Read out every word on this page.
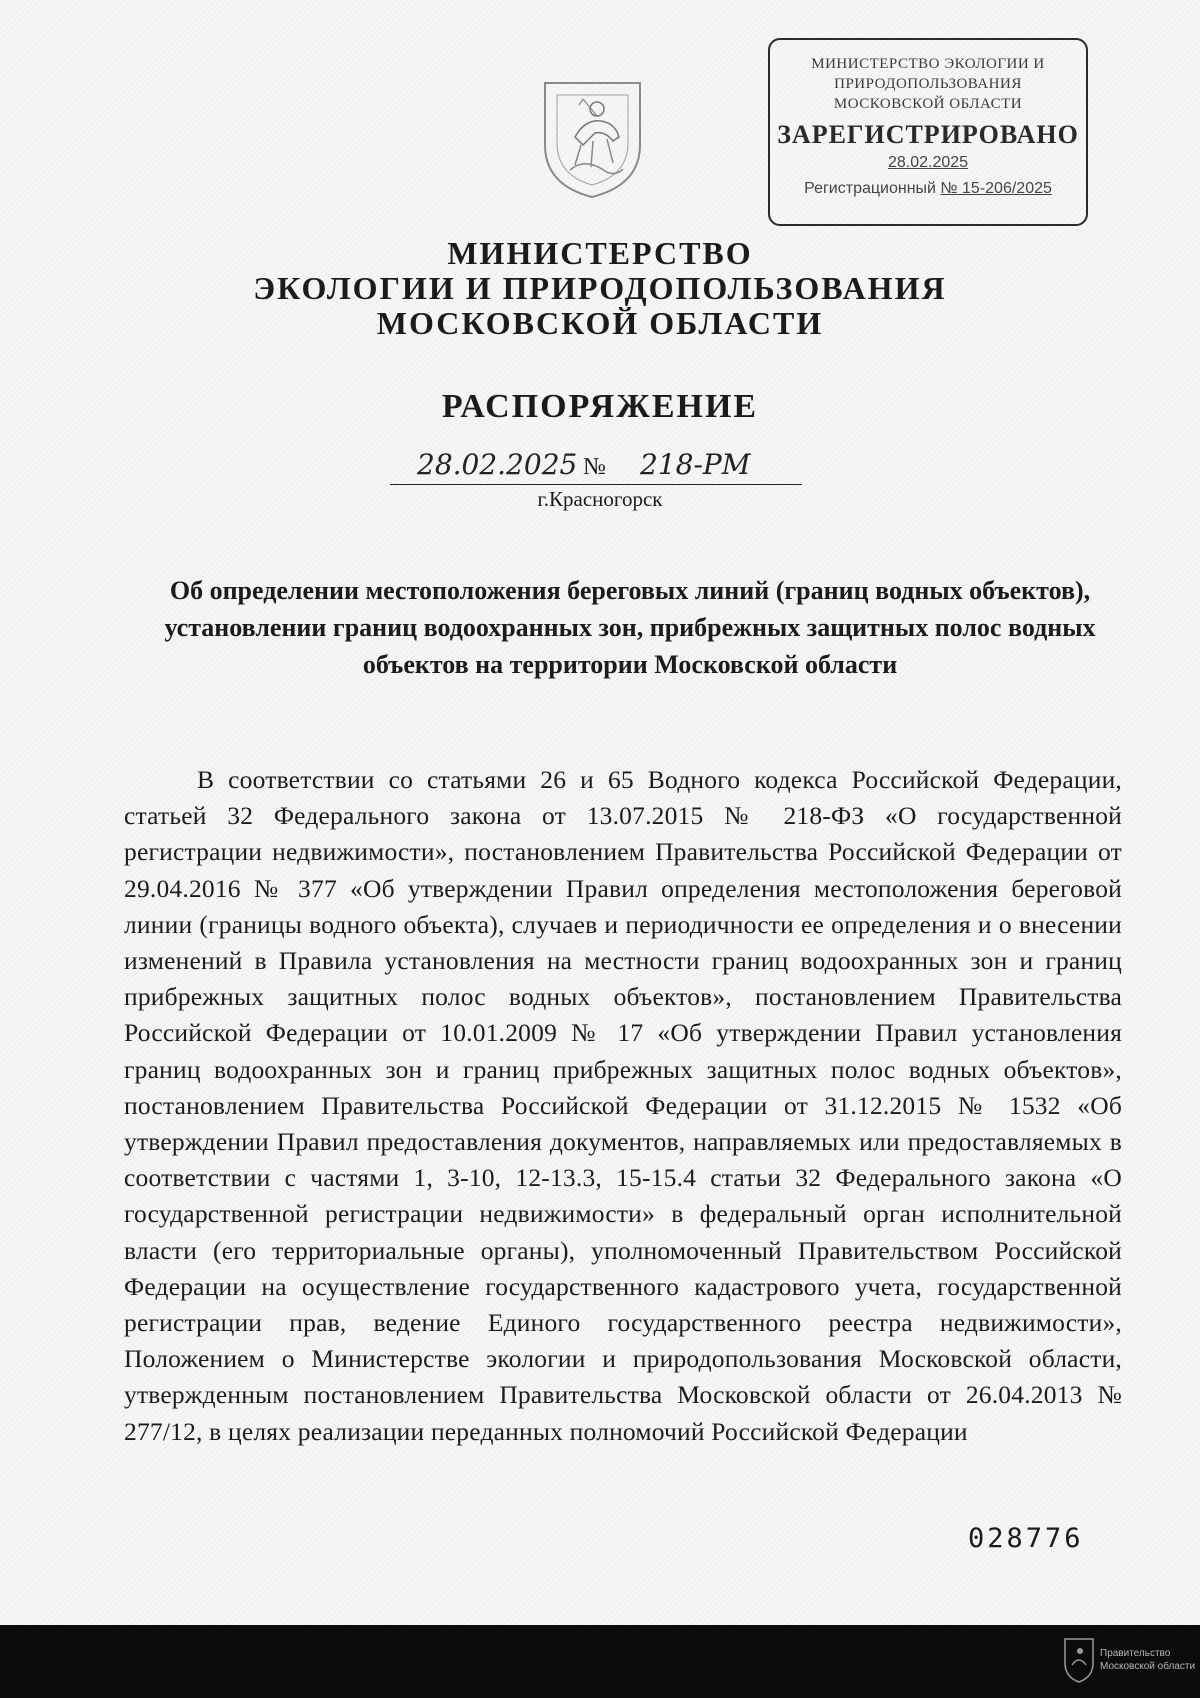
МИНИСТЕРСТВО ЭКОЛОГИИ И
ПРИРОДОПОЛЬЗОВАНИЯ
МОСКОВСКОЙ ОБЛАСТИ
ЗАРЕГИСТРИРОВАНО
28.02.2025
Регистрационный № 15-206/2025
МИНИСТЕРСТВО
ЭКОЛОГИИ И ПРИРОДОПОЛЬЗОВАНИЯ
МОСКОВСКОЙ ОБЛАСТИ
РАСПОРЯЖЕНИЕ
28.02.2025 № 218-РМ
г.Красногорск
Об определении местоположения береговых линий (границ водных объектов), установлении границ водоохранных зон, прибрежных защитных полос водных объектов на территории Московской области
В соответствии со статьями 26 и 65 Водного кодекса Российской Федерации, статьей 32 Федерального закона от 13.07.2015 № 218-ФЗ «О государственной регистрации недвижимости», постановлением Правительства Российской Федерации от 29.04.2016 № 377 «Об утверждении Правил определения местоположения береговой линии (границы водного объекта), случаев и периодичности ее определения и о внесении изменений в Правила установления на местности границ водоохранных зон и границ прибрежных защитных полос водных объектов», постановлением Правительства Российской Федерации от 10.01.2009 № 17 «Об утверждении Правил установления границ водоохранных зон и границ прибрежных защитных полос водных объектов», постановлением Правительства Российской Федерации от 31.12.2015 № 1532 «Об утверждении Правил предоставления документов, направляемых или предоставляемых в соответствии с частями 1, 3-10, 12-13.3, 15-15.4 статьи 32 Федерального закона «О государственной регистрации недвижимости» в федеральный орган исполнительной власти (его территориальные органы), уполномоченный Правительством Российской Федерации на осуществление государственного кадастрового учета, государственной регистрации прав, ведение Единого государственного реестра недвижимости», Положением о Министерстве экологии и природопользования Московской области, утвержденным постановлением Правительства Московской области от 26.04.2013 № 277/12, в целях реализации переданных полномочий Российской Федерации
028776
Правительство
Московской области
